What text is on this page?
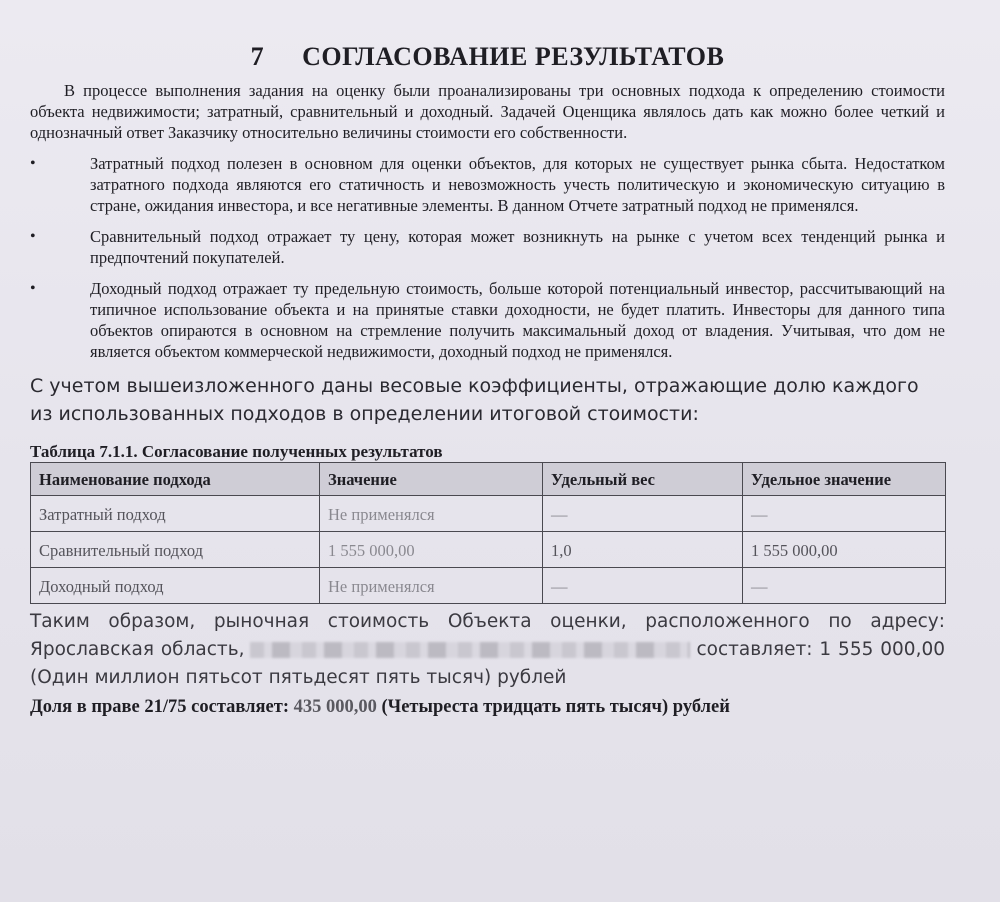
7 СОГЛАСОВАНИЕ РЕЗУЛЬТАТОВ

В процессе выполнения задания на оценку были проанализированы три основных подхода к определению стоимости объекта недвижимости; затратный, сравнительный и доходный. Задачей Оценщика являлось дать как можно более четкий и однозначный ответ Заказчику относительно величины стоимости его собственности.

•	Затратный подход полезен в основном для оценки объектов, для которых не существует рынка сбыта. Недостатком затратного подхода являются его статичность и невозможность учесть политическую и экономическую ситуацию в стране, ожидания инвестора, и все негативные элементы. В данном Отчете затратный подход не применялся.
•	Сравнительный подход отражает ту цену, которая может возникнуть на рынке с учетом всех тенденций рынка и предпочтений покупателей.
•	Доходный подход отражает ту предельную стоимость, больше которой потенциальный инвестор, рассчитывающий на типичное использование объекта и на принятые ставки доходности, не будет платить. Инвесторы для данного типа объектов опираются в основном на стремление получить максимальный доход от владения. Учитывая, что дом не является объектом коммерческой недвижимости, доходный подход не применялся.

С учетом вышеизложенного даны весовые коэффициенты, отражающие долю каждого из использованных подходов в определении итоговой стоимости:

Таблица 7.1.1. Согласование полученных результатов

Наименование подхода	Значение	Удельный вес	Удельное значение
Затратный подход	Не применялся	—	—
Сравнительный подход	1 555 000,00	1,0	1 555 000,00
Доходный подход	Не применялся	—	—

Таким образом, рыночная стоимость Объекта оценки, расположенного по адресу: Ярославская область,	составляет: 1 555 000,00 (Один миллион пятьсот пятьдесят пять тысяч) рублей

Доля в праве 21/75 составляет: 435 000,00 (Четыреста тридцать пять тысяч) рублей
